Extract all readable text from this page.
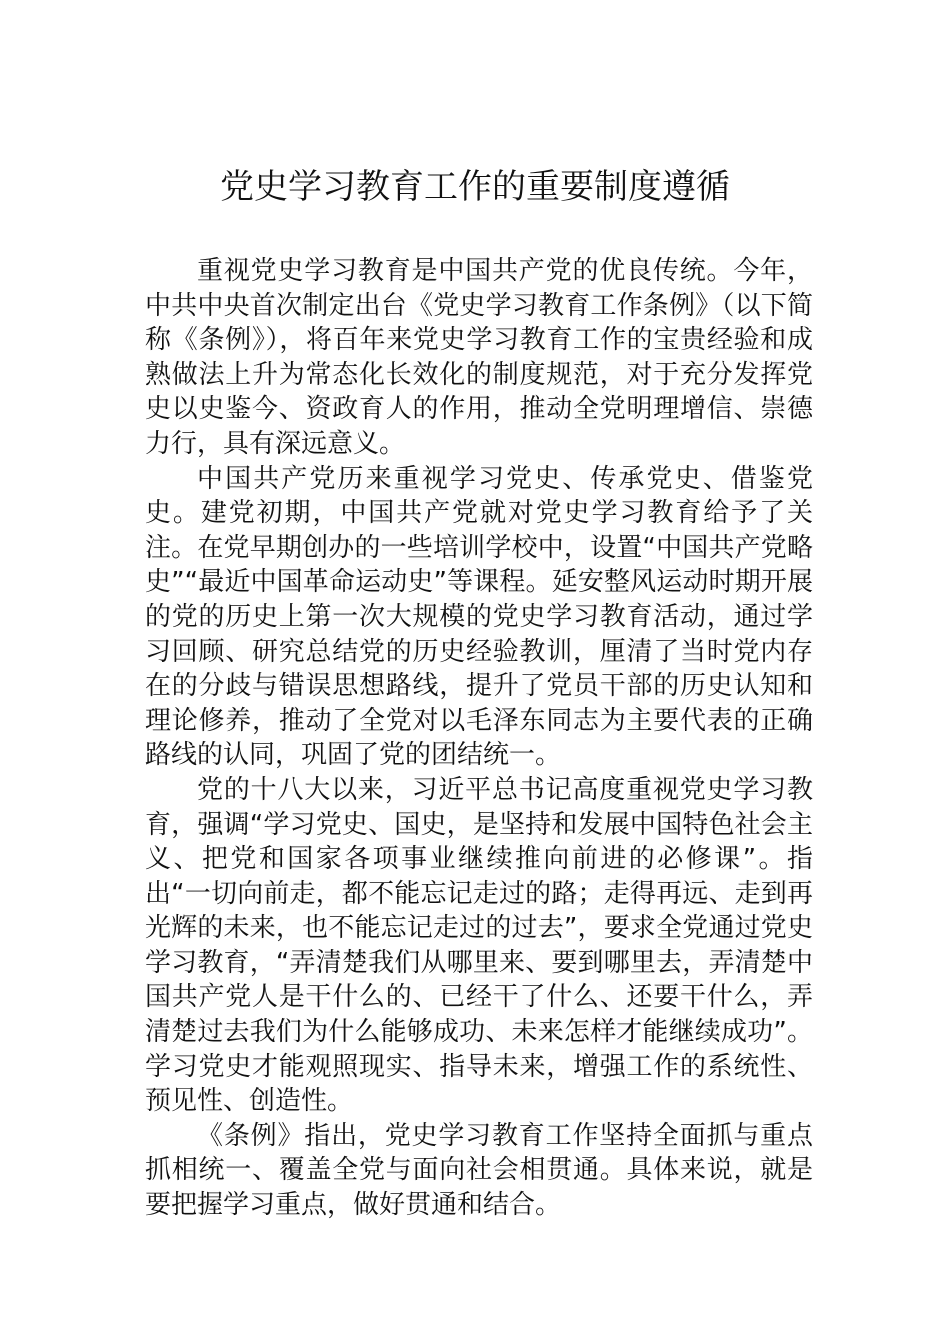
党史学习教育工作的重要制度遵循

重视党史学习教育是中国共产党的优良传统。今年，中共中央首次制定出台《党史学习教育工作条例》（以下简称《条例》），将百年来党史学习教育工作的宝贵经验和成熟做法上升为常态化长效化的制度规范，对于充分发挥党史以史鉴今、资政育人的作用，推动全党明理增信、崇德力行，具有深远意义。

中国共产党历来重视学习党史、传承党史、借鉴党史。建党初期，中国共产党就对党史学习教育给予了关注。在党早期创办的一些培训学校中，设置“中国共产党略史”“最近中国革命运动史”等课程。延安整风运动时期开展的党的历史上第一次大规模的党史学习教育活动，通过学习回顾、研究总结党的历史经验教训，厘清了当时党内存在的分歧与错误思想路线，提升了党员干部的历史认知和理论修养，推动了全党对以毛泽东同志为主要代表的正确路线的认同，巩固了党的团结统一。

党的十八大以来，习近平总书记高度重视党史学习教育，强调“学习党史、国史，是坚持和发展中国特色社会主义、把党和国家各项事业继续推向前进的必修课”。指出“一切向前走，都不能忘记走过的路；走得再远、走到再光辉的未来，也不能忘记走过的过去”，要求全党通过党史学习教育，“弄清楚我们从哪里来、要到哪里去，弄清楚中国共产党人是干什么的、已经干了什么、还要干什么，弄清楚过去我们为什么能够成功、未来怎样才能继续成功”。学习党史才能观照现实、指导未来，增强工作的系统性、预见性、创造性。

《条例》指出，党史学习教育工作坚持全面抓与重点抓相统一、覆盖全党与面向社会相贯通。具体来说，就是要把握学习重点，做好贯通和结合。
